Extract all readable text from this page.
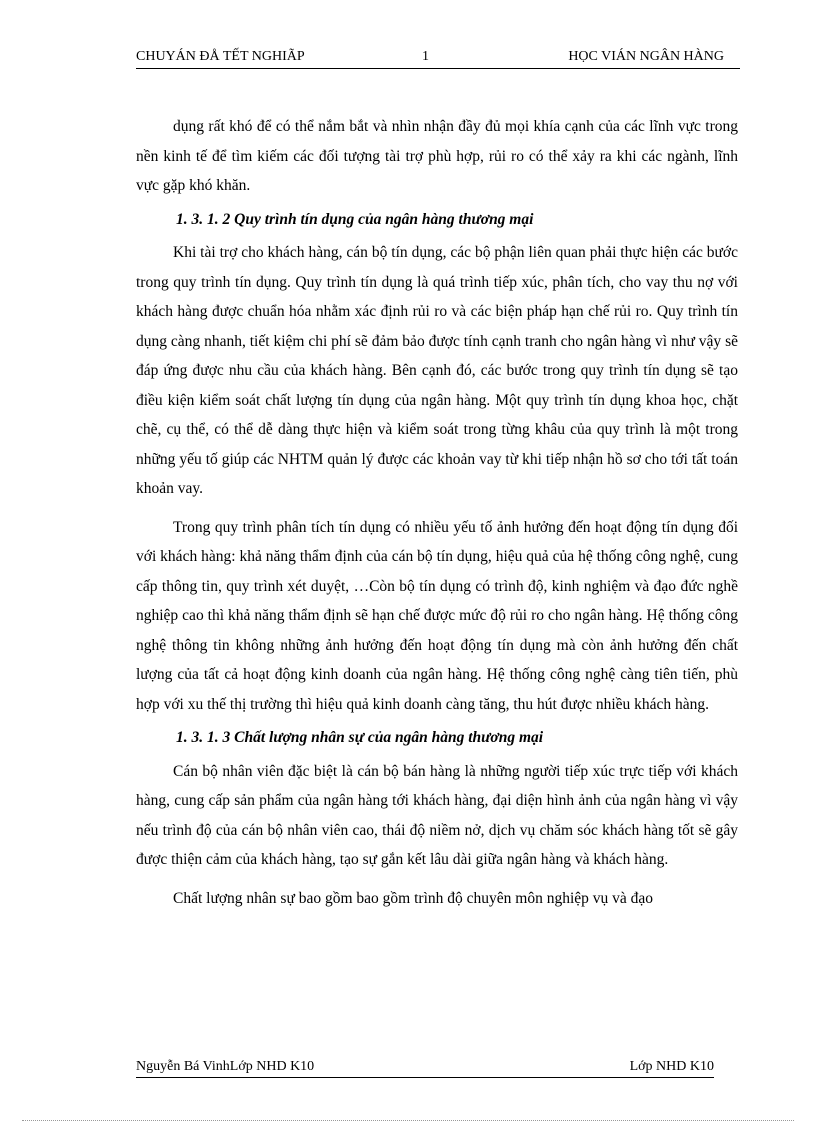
CHUYÁN ĐÅ TẾT NGHIÃP	1	HỌC VIÁN NGÂN HÀNG

dụng rất khó để có thể nắm bắt và nhìn nhận đầy đủ mọi khía cạnh của các lĩnh vực trong nền kinh tế để tìm kiếm các đối tượng tài trợ phù hợp, rủi ro có thể xảy ra khi các ngành, lĩnh vực gặp khó khăn.

1. 3. 1. 2 Quy trình tín dụng của ngân hàng thương mại

Khi tài trợ cho khách hàng, cán bộ tín dụng, các bộ phận liên quan phải thực hiện các bước trong quy trình tín dụng. Quy trình tín dụng là quá trình tiếp xúc, phân tích, cho vay thu nợ với khách hàng được chuẩn hóa nhằm xác định rủi ro và các biện pháp hạn chế rủi ro. Quy trình tín dụng càng nhanh, tiết kiệm chi phí sẽ đảm bảo được tính cạnh tranh cho ngân hàng vì như vậy sẽ đáp ứng được nhu cầu của khách hàng. Bên cạnh đó, các bước trong quy trình tín dụng sẽ tạo điều kiện kiểm soát chất lượng tín dụng của ngân hàng. Một quy trình tín dụng khoa học, chặt chẽ, cụ thể, có thể dễ dàng thực hiện và kiểm soát trong từng khâu của quy trình là một trong những yếu tố giúp các NHTM quản lý được các khoản vay từ khi tiếp nhận hồ sơ cho tới tất toán khoản vay.

Trong quy trình phân tích tín dụng có nhiều yếu tố ảnh hưởng đến hoạt động tín dụng đối với khách hàng: khả năng thẩm định của cán bộ tín dụng, hiệu quả của hệ thống công nghệ, cung cấp thông tin, quy trình xét duyệt, …Còn bộ tín dụng có trình độ, kinh nghiệm và đạo đức nghề nghiệp cao thì khả năng thẩm định sẽ hạn chế được mức độ rủi ro cho ngân hàng. Hệ thống công nghệ thông tin không những ảnh hưởng đến hoạt động tín dụng mà còn ảnh hưởng đến chất lượng của tất cả hoạt động kinh doanh của ngân hàng. Hệ thống công nghệ càng tiên tiến, phù hợp với xu thế thị trường thì hiệu quả kinh doanh càng tăng, thu hút được nhiều khách hàng.

1. 3. 1. 3 Chất lượng nhân sự của ngân hàng thương mại

Cán bộ nhân viên đặc biệt là cán bộ bán hàng là những người tiếp xúc trực tiếp với khách hàng, cung cấp sản phẩm của ngân hàng tới khách hàng, đại diện hình ảnh của ngân hàng vì vậy nếu trình độ của cán bộ nhân viên cao, thái độ niềm nở, dịch vụ chăm sóc khách hàng tốt sẽ gây được thiện cảm của khách hàng, tạo sự gắn kết lâu dài giữa ngân hàng và khách hàng.

Chất lượng nhân sự bao gồm bao gồm trình độ chuyên môn nghiệp vụ và đạo

Nguyễn Bá VinhLớp NHD K10	Lớp NHD K10
